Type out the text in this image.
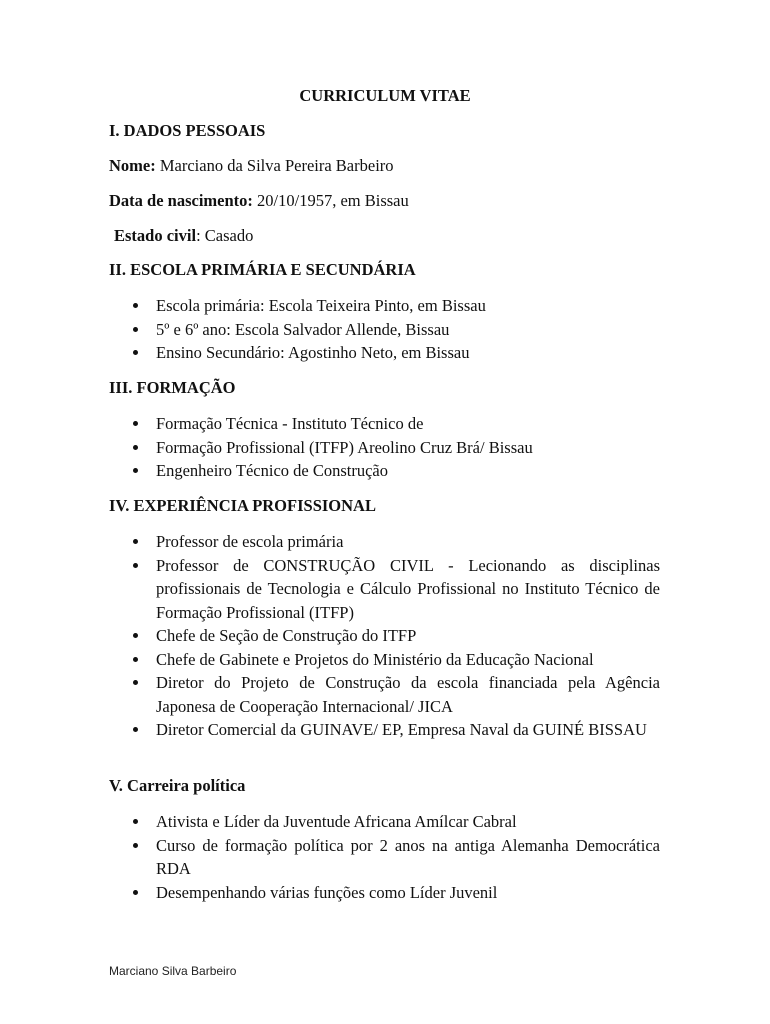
CURRICULUM VITAE
I. DADOS PESSOAIS
Nome: Marciano da Silva Pereira Barbeiro
Data de nascimento: 20/10/1957, em Bissau
Estado civil: Casado
II. ESCOLA PRIMÁRIA E SECUNDÁRIA
Escola primária: Escola Teixeira Pinto, em Bissau
5º e 6º ano: Escola Salvador Allende, Bissau
Ensino Secundário: Agostinho Neto, em Bissau
III. FORMAÇÃO
Formação Técnica - Instituto Técnico de
Formação Profissional (ITFP) Areolino Cruz Brá/ Bissau
Engenheiro Técnico de Construção
IV. EXPERIÊNCIA PROFISSIONAL
Professor de escola primária
Professor de CONSTRUÇÃO CIVIL - Lecionando as disciplinas profissionais de Tecnologia e Cálculo Profissional no Instituto Técnico de Formação Profissional (ITFP)
Chefe de Seção de Construção do ITFP
Chefe de Gabinete e Projetos do Ministério da Educação Nacional
Diretor do Projeto de Construção da escola financiada pela Agência Japonesa de Cooperação Internacional/ JICA
Diretor Comercial da GUINAVE/ EP, Empresa Naval da GUINÉ BISSAU
V. Carreira política
Ativista e Líder da Juventude Africana Amílcar Cabral
Curso de formação política por 2 anos na antiga Alemanha Democrática RDA
Desempenhando várias funções como Líder Juvenil
Marciano Silva Barbeiro
